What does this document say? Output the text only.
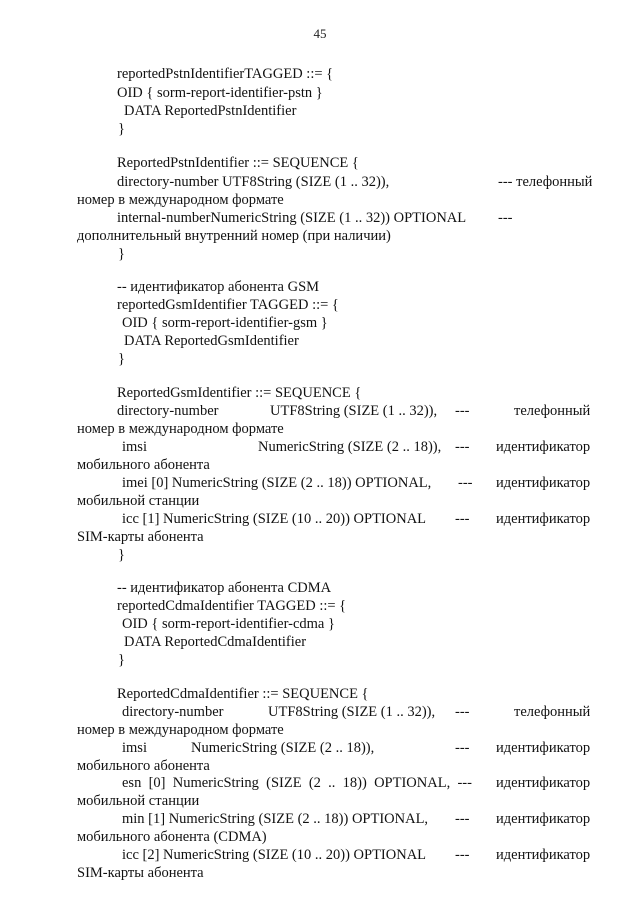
45
reportedPstnIdentifierTAGGED ::= {
OID { sorm-report-identifier-pstn }
DATA ReportedPstnIdentifier
}
ReportedPstnIdentifier ::= SEQUENCE {
directory-number UTF8String (SIZE (1 .. 32)),	--- телефонный
номер в международном формате
internal-numberNumericString (SIZE (1 .. 32)) OPTIONAL ---
дополнительный внутренний номер (при наличии)
}
-- идентификатор абонента GSM
reportedGsmIdentifier TAGGED ::= {
OID { sorm-report-identifier-gsm }
DATA ReportedGsmIdentifier
}
ReportedGsmIdentifier ::= SEQUENCE {
directory-number	UTF8String (SIZE (1 .. 32)), ---	телефонный
номер в международном формате
imsi	NumericString (SIZE (2 .. 18)), --- идентификатор
мобильного абонента
imei [0] NumericString (SIZE (2 .. 18)) OPTIONAL, --- идентификатор
мобильной станции
icc [1] NumericString (SIZE (10 .. 20)) OPTIONAL --- идентификатор
SIM-карты абонента
}
-- идентификатор абонента CDMA
reportedCdmaIdentifier TAGGED ::= {
OID { sorm-report-identifier-cdma }
DATA ReportedCdmaIdentifier
}
ReportedCdmaIdentifier ::= SEQUENCE {
directory-number	UTF8String (SIZE (1 .. 32)), ---	телефонный
номер в международном формате
imsi	NumericString (SIZE (2 .. 18)),	--- идентификатор
мобильного абонента
esn  [0]  NumericString  (SIZE  (2  ..  18))  OPTIONAL,  --- идентификатор
мобильной станции
min [1] NumericString (SIZE (2 .. 18)) OPTIONAL, --- идентификатор
мобильного абонента (CDMA)
icc [2] NumericString (SIZE (10 .. 20)) OPTIONAL --- идентификатор
SIM-карты абонента
